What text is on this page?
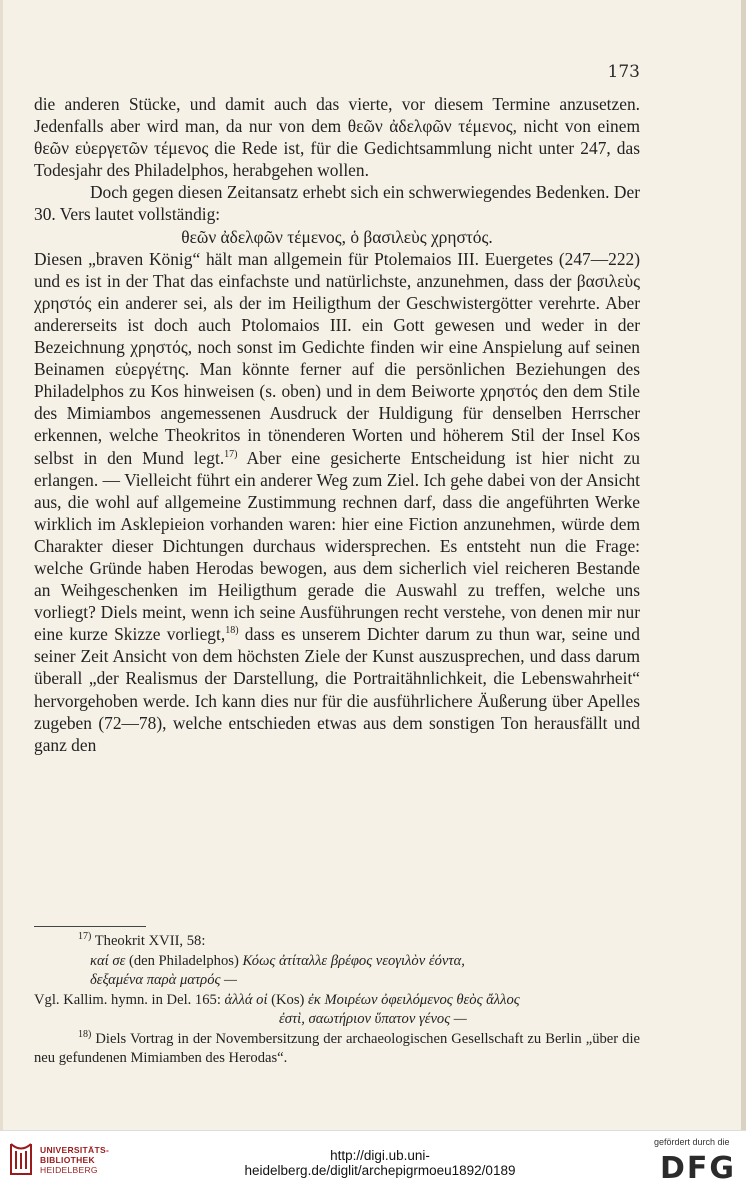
173

die anderen Stücke, und damit auch das vierte, vor diesem Termine anzusetzen. Jedenfalls aber wird man, da nur von dem θεῶν ἀδελφῶν τέμενος, nicht von einem θεῶν εὐεργετῶν τέμενος die Rede ist, für die Gedichtsammlung nicht unter 247, das Todesjahr des Philadelphos, herabgehen wollen.

Doch gegen diesen Zeitansatz erhebt sich ein schwerwiegendes Bedenken. Der 30. Vers lautet vollständig:

θεῶν ἀδελφῶν τέμενος, ὁ βασιλεὺς χρηστός.

Diesen „braven König“ hält man allgemein für Ptolemaios III. Euergetes (247—222) und es ist in der That das einfachste und natürlichste, anzunehmen, dass der βασιλεὺς χρηστός ein anderer sei, als der im Heiligthum der Geschwistergötter verehrte. Aber andererseits ist doch auch Ptolomaios III. ein Gott gewesen und weder in der Bezeichnung χρηστός, noch sonst im Gedichte finden wir eine Anspielung auf seinen Beinamen εὐεργέτης. Man könnte ferner auf die persönlichen Beziehungen des Philadelphos zu Kos hinweisen (s. oben) und in dem Beiworte χρηστός den dem Stile des Mimiambos angemessenen Ausdruck der Huldigung für denselben Herrscher erkennen, welche Theokritos in tönenderen Worten und höherem Stil der Insel Kos selbst in den Mund legt.$^{17)}$ Aber eine gesicherte Entscheidung ist hier nicht zu erlangen. — Vielleicht führt ein anderer Weg zum Ziel. Ich gehe dabei von der Ansicht aus, die wohl auf allgemeine Zustimmung rechnen darf, dass die angeführten Werke wirklich im Asklepieion vorhanden waren: hier eine Fiction anzunehmen, würde dem Charakter dieser Dichtungen durchaus widersprechen. Es entsteht nun die Frage: welche Gründe haben Herodas bewogen, aus dem sicherlich viel reicheren Bestande an Weihgeschenken im Heiligthum gerade die Auswahl zu treffen, welche uns vorliegt? Diels meint, wenn ich seine Ausführungen recht verstehe, von denen mir nur eine kurze Skizze vorliegt,$^{18)}$ dass es unserem Dichter darum zu thun war, seine und seiner Zeit Ansicht von dem höchsten Ziele der Kunst auszusprechen, und dass darum überall „der Realismus der Darstellung, die Portraitähnlichkeit, die Lebenswahrheit“ hervorgehoben werde. Ich kann dies nur für die ausführlichere Äußerung über Apelles zugeben (72—78), welche entschieden etwas aus dem sonstigen Ton herausfällt und ganz den

$^{17)}$ Theokrit XVII, 58:

καί σε (den Philadelphos) Κόως ἀτίταλλε βρέφος νεογιλὸν ἐόντα,

δεξαμένα παρὰ ματρός —

Vgl. Kallim. hymn. in Del. 165: ἀλλά οἱ (Kos) ἐκ Μοιρέων ὀφειλόμενος θεὸς ἄλλος

ἐστὶ, σαωτήριον ὕπατον γένος —

$^{18)}$ Diels Vortrag in der Novembersitzung der archaeologischen Gesellschaft zu Berlin „über die neu gefundenen Mimiamben des Herodas“.

UNIVERSITÄTS-
BIBLIOTHEK
HEIDELBERG
http://digi.ub.uni-heidelberg.de/diglit/archepigrmoeu1892/0189
gefördert durch die
DFG
